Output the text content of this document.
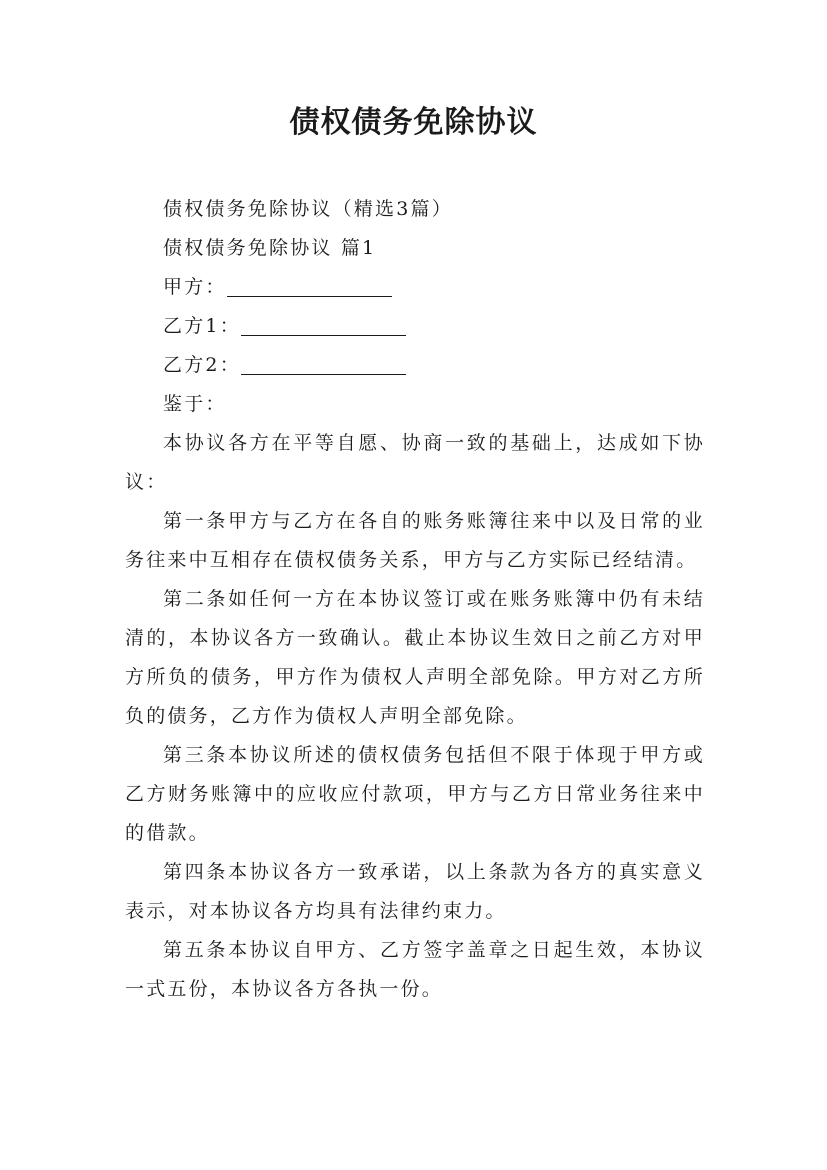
债权债务免除协议

债权债务免除协议（精选3篇）

债权债务免除协议 篇1

甲方：

乙方1：

乙方2：

鉴于：

本协议各方在平等自愿、协商一致的基础上，达成如下协议：

第一条甲方与乙方在各自的账务账簿往来中以及日常的业务往来中互相存在债权债务关系，甲方与乙方实际已经结清。

第二条如任何一方在本协议签订或在账务账簿中仍有未结清的，本协议各方一致确认。截止本协议生效日之前乙方对甲方所负的债务，甲方作为债权人声明全部免除。甲方对乙方所负的债务，乙方作为债权人声明全部免除。

第三条本协议所述的债权债务包括但不限于体现于甲方或乙方财务账簿中的应收应付款项，甲方与乙方日常业务往来中的借款。

第四条本协议各方一致承诺，以上条款为各方的真实意义表示，对本协议各方均具有法律约束力。

第五条本协议自甲方、乙方签字盖章之日起生效，本协议一式五份，本协议各方各执一份。
